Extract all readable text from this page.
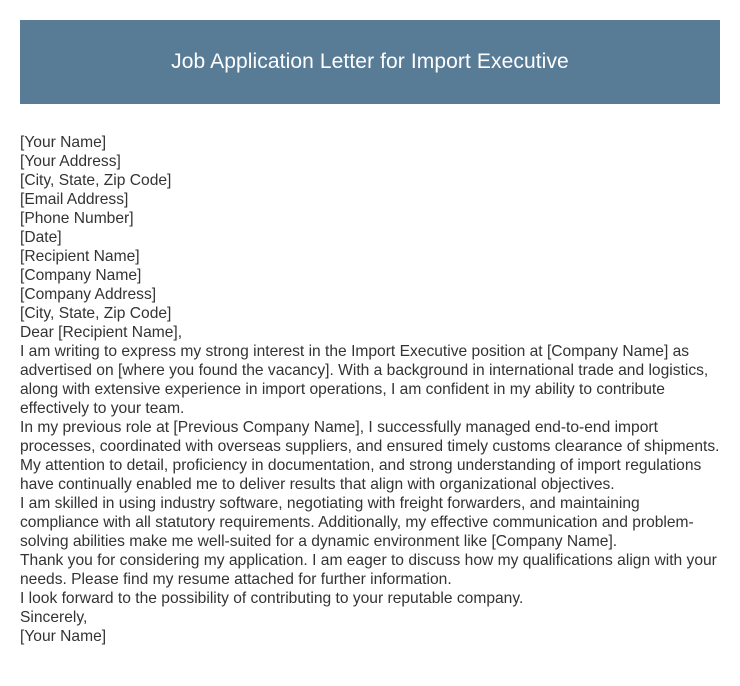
Job Application Letter for Import Executive
[Your Name]
[Your Address]
[City, State, Zip Code]
[Email Address]
[Phone Number]
[Date]
[Recipient Name]
[Company Name]
[Company Address]
[City, State, Zip Code]
Dear [Recipient Name],

I am writing to express my strong interest in the Import Executive position at [Company Name] as advertised on [where you found the vacancy]. With a background in international trade and logistics, along with extensive experience in import operations, I am confident in my ability to contribute effectively to your team.

In my previous role at [Previous Company Name], I successfully managed end-to-end import processes, coordinated with overseas suppliers, and ensured timely customs clearance of shipments. My attention to detail, proficiency in documentation, and strong understanding of import regulations have continually enabled me to deliver results that align with organizational objectives.

I am skilled in using industry software, negotiating with freight forwarders, and maintaining compliance with all statutory requirements. Additionally, my effective communication and problem-solving abilities make me well-suited for a dynamic environment like [Company Name].

Thank you for considering my application. I am eager to discuss how my qualifications align with your needs. Please find my resume attached for further information.

I look forward to the possibility of contributing to your reputable company.

Sincerely,
[Your Name]
